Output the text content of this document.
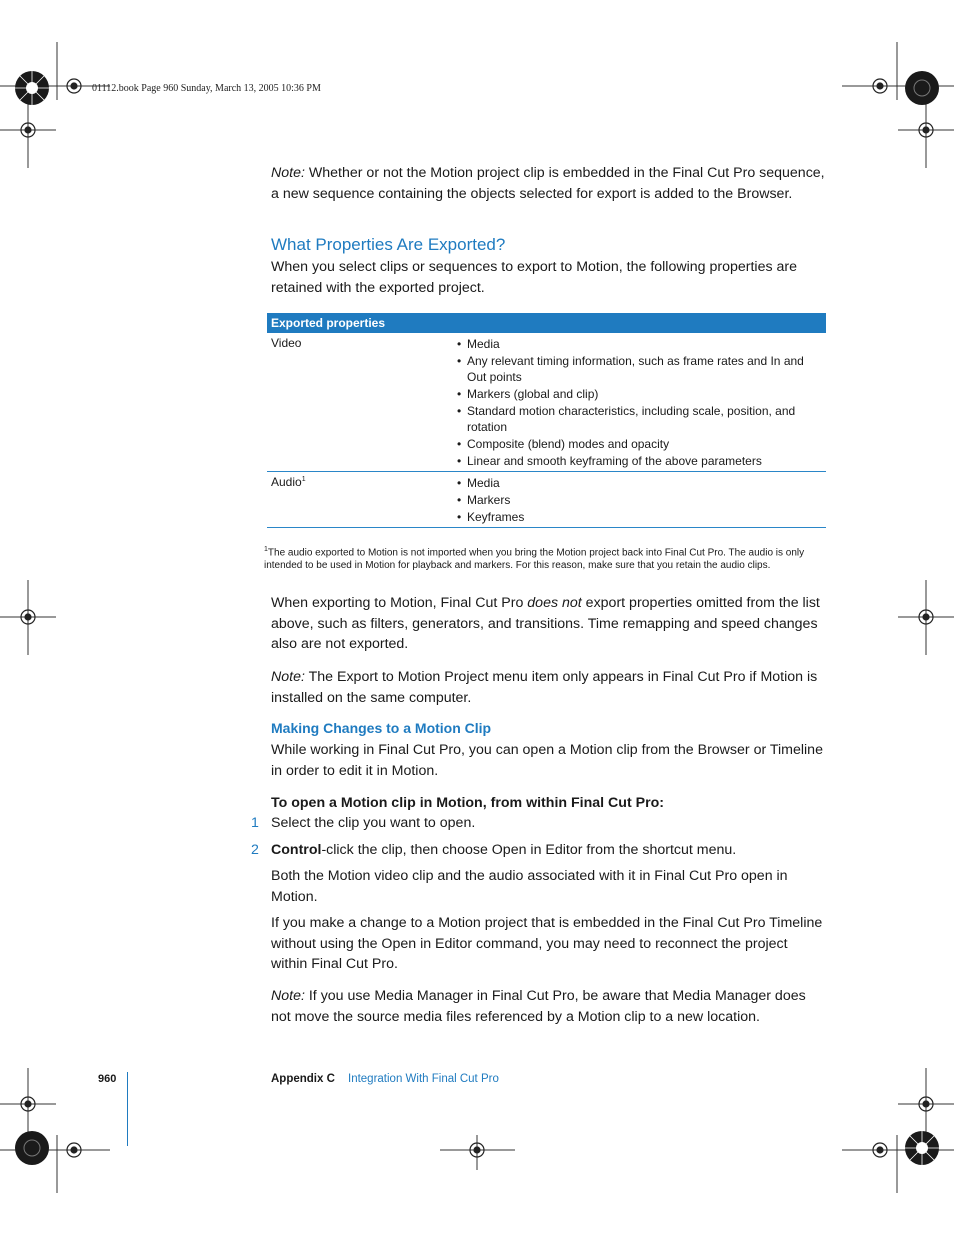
01112.book Page 960 Sunday, March 13, 2005 10:36 PM

Note: Whether or not the Motion project clip is embedded in the Final Cut Pro sequence, a new sequence containing the objects selected for export is added to the Browser.

What Properties Are Exported?

When you select clips or sequences to export to Motion, the following properties are retained with the exported project.

Exported properties
Video	• Media
• Any relevant timing information, such as frame rates and In and Out points
• Markers (global and clip)
• Standard motion characteristics, including scale, position, and rotation
• Composite (blend) modes and opacity
• Linear and smooth keyframing of the above parameters
Audio$^1$	• Media
• Markers
• Keyframes

$^1$The audio exported to Motion is not imported when you bring the Motion project back into Final Cut Pro. The audio is only intended to be used in Motion for playback and markers. For this reason, make sure that you retain the audio clips.

When exporting to Motion, Final Cut Pro does not export properties omitted from the list above, such as filters, generators, and transitions. Time remapping and speed changes also are not exported.

Note: The Export to Motion Project menu item only appears in Final Cut Pro if Motion is installed on the same computer.

Making Changes to a Motion Clip

While working in Final Cut Pro, you can open a Motion clip from the Browser or Timeline in order to edit it in Motion.

To open a Motion clip in Motion, from within Final Cut Pro:

1 Select the clip you want to open.
2 Control-click the clip, then choose Open in Editor from the shortcut menu.

Both the Motion video clip and the audio associated with it in Final Cut Pro open in Motion.

If you make a change to a Motion project that is embedded in the Final Cut Pro Timeline without using the Open in Editor command, you may need to reconnect the project within Final Cut Pro.

Note: If you use Media Manager in Final Cut Pro, be aware that Media Manager does not move the source media files referenced by a Motion clip to a new location.

960	Appendix C Integration With Final Cut Pro
